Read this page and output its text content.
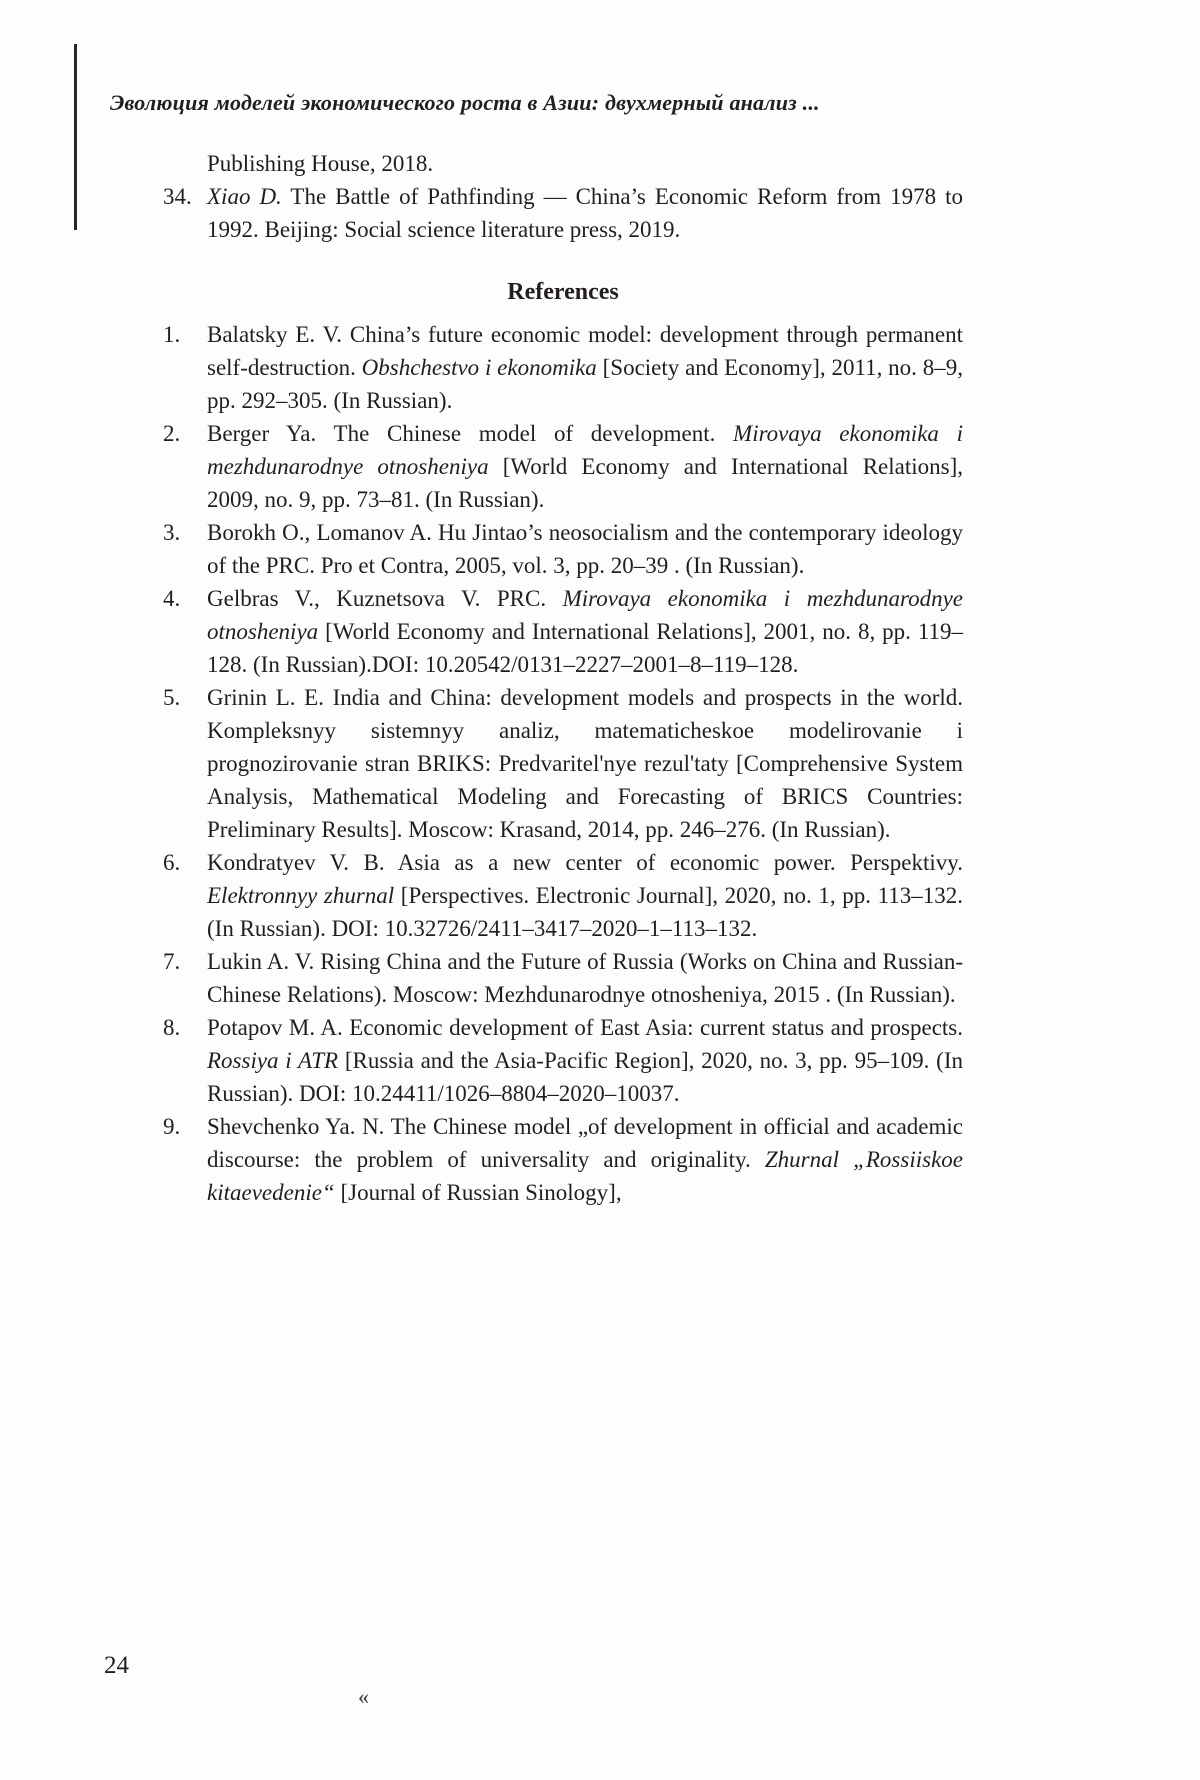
Эволюция моделей экономического роста в Азии: двухмерный анализ ...
Publishing House, 2018.
34. Xiao D. The Battle of Pathfinding — China’s Economic Reform from 1978 to 1992. Beijing: Social science literature press, 2019.
References
1.	Balatsky E. V. China’s future economic model: development through permanent self-destruction. Obshchestvo i ekonomika [Society and Economy], 2011, no. 8–9, pp. 292–305. (In Russian).
2.	Berger Ya. The Chinese model of development. Mirovaya ekonomika i mezhdunarodnye otnosheniya [World Economy and International Relations], 2009, no. 9, pp. 73–81. (In Russian).
3.	Borokh O., Lomanov A. Hu Jintao’s neosocialism and the contemporary ideology of the PRC. Pro et Contra, 2005, vol. 3, pp. 20–39 . (In Russian).
4.	Gelbras V., Kuznetsova V. PRC. Mirovaya ekonomika i mezhdunarodnye otnosheniya [World Economy and International Relations], 2001, no. 8, pp. 119–128. (In Russian).DOI: 10.20542/0131–2227–2001–8–119–128.
5.	Grinin L. E. India and China: development models and prospects in the world. Kompleksnyy sistemnyy analiz, matematicheskoe modelirovanie i prognozirovanie stran BRIKS: Predvaritel'nye rezul'taty [Comprehensive System Analysis, Mathematical Modeling and Forecasting of BRICS Countries: Preliminary Results]. Moscow: Krasand, 2014, pp. 246–276. (In Russian).
6.	Kondratyev V. B. Asia as a new center of economic power. Perspektivy. Elektronnyy zhurnal [Perspectives. Electronic Journal], 2020, no. 1, pp. 113–132. (In Russian). DOI: 10.32726/2411–3417–2020–1–113–132.
7.	Lukin A. V. Rising China and the Future of Russia (Works on China and Russian-Chinese Relations). Moscow: Mezhdunarodnye otnosheniya, 2015 . (In Russian).
8.	Potapov M. A. Economic development of East Asia: current status and prospects. Rossiya i ATR [Russia and the Asia-Pacific Region], 2020, no. 3, pp. 95–109. (In Russian). DOI: 10.24411/1026–8804–2020–10037.
9.	Shevchenko Ya. N. The Chinese model „of development in official and academic discourse: the problem of universality and originality. Zhurnal „Rossiiskoe kitaevedenie“ [Journal of Russian Sinology],
24
«
